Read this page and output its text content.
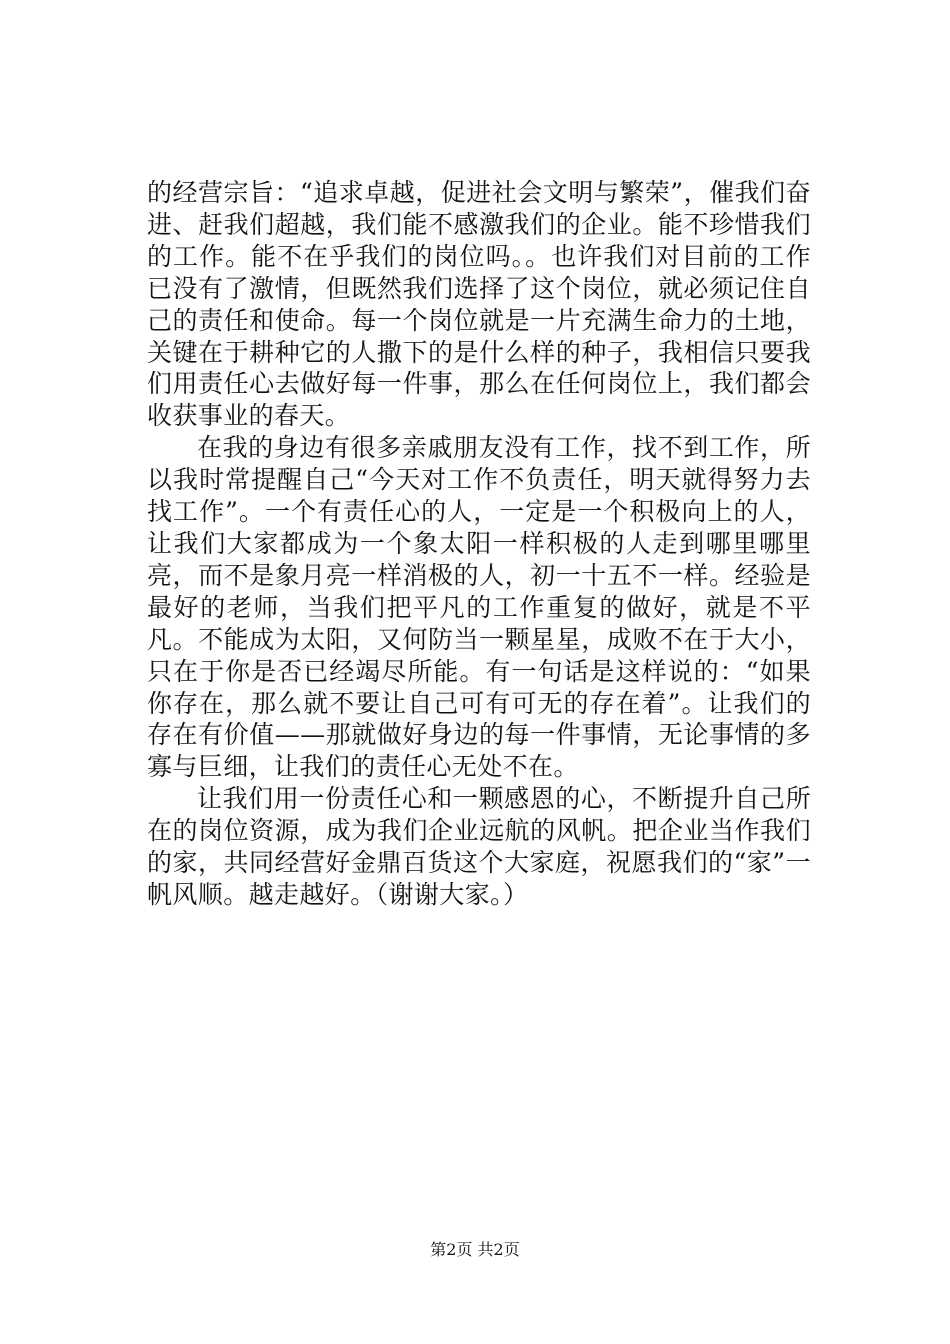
的经营宗旨：“追求卓越，促进社会文明与繁荣”，催我们奋进、赶我们超越，我们能不感激我们的企业。能不珍惜我们的工作。能不在乎我们的岗位吗。。也许我们对目前的工作已没有了激情，但既然我们选择了这个岗位，就必须记住自己的责任和使命。每一个岗位就是一片充满生命力的土地，关键在于耕种它的人撒下的是什么样的种子，我相信只要我们用责任心去做好每一件事，那么在任何岗位上，我们都会收获事业的春天。

在我的身边有很多亲戚朋友没有工作，找不到工作，所以我时常提醒自己“今天对工作不负责任，明天就得努力去找工作”。一个有责任心的人，一定是一个积极向上的人，让我们大家都成为一个象太阳一样积极的人走到哪里哪里亮，而不是象月亮一样消极的人，初一十五不一样。经验是最好的老师，当我们把平凡的工作重复的做好，就是不平凡。不能成为太阳，又何防当一颗星星，成败不在于大小，只在于你是否已经竭尽所能。有一句话是这样说的：“如果你存在，那么就不要让自己可有可无的存在着”。让我们的存在有价值——那就做好身边的每一件事情，无论事情的多寡与巨细，让我们的责任心无处不在。

让我们用一份责任心和一颗感恩的心，不断提升自己所在的岗位资源，成为我们企业远航的风帆。把企业当作我们的家，共同经营好金鼎百货这个大家庭，祝愿我们的“家”一帆风顺。越走越好。（谢谢大家。）

第2页 共2页
